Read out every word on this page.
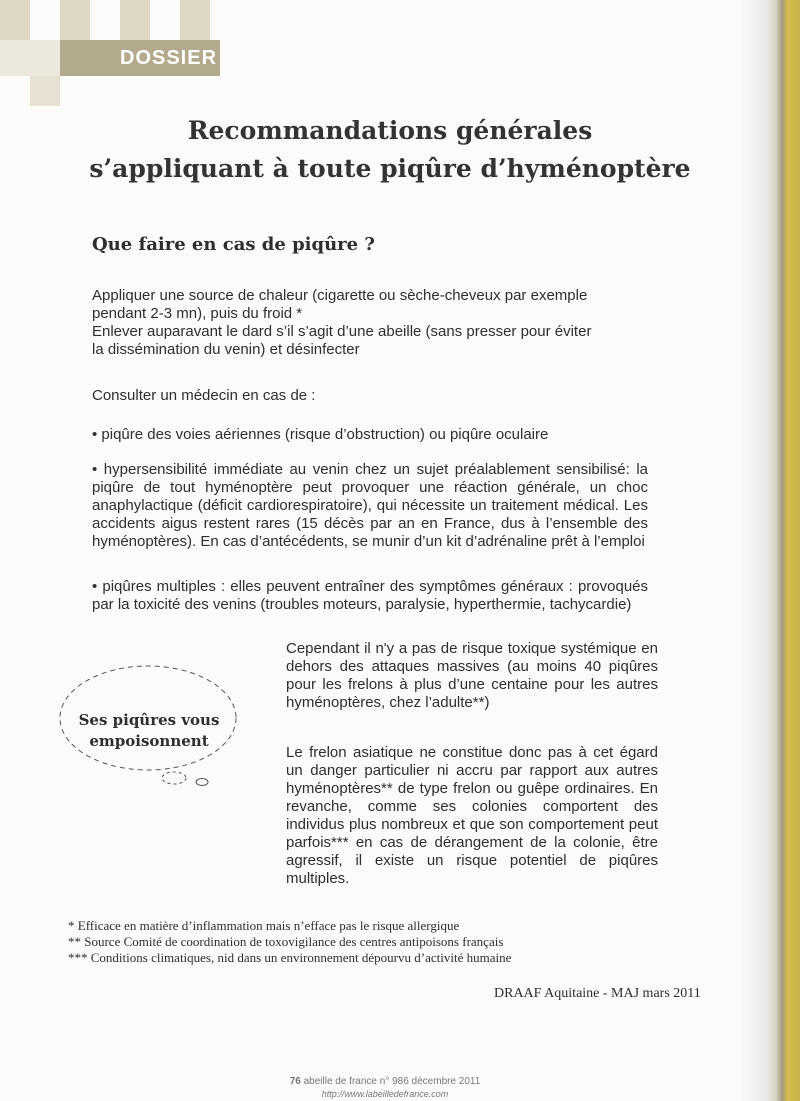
DOSSIER
Recommandations générales
s’appliquant à toute piqûre d’hyménoptère
Que faire en cas de piqûre ?
Appliquer une source de chaleur (cigarette ou sèche-cheveux par exemple
pendant 2-3 mn), puis du froid *
Enlever auparavant le dard s’il s’agit d’une abeille (sans presser pour éviter
la dissémination du venin) et désinfecter
Consulter un médecin en cas de :
• piqûre des voies aériennes (risque d’obstruction) ou piqûre oculaire
• hypersensibilité immédiate au venin chez un sujet préalablement sensibilisé: la piqûre de tout hyménoptère peut provoquer une réaction générale, un choc anaphylactique (déficit cardiorespiratoire), qui nécessite un traitement médical. Les accidents aigus restent rares (15 décès par an en France, dus à l’ensemble des hyménoptères). En cas d’antécédents, se munir d’un kit d’adrénaline prêt à l’emploi
• piqûres multiples : elles peuvent entraîner des symptômes généraux : provoqués par la toxicité des venins (troubles moteurs, paralysie, hyperthermie, tachycardie)
Ses piqûres vous
empoisonnent
Cependant il n'y a pas de risque toxique systémique en dehors des attaques massives (au moins 40 piqûres pour les frelons à plus d’une centaine pour les autres hyménoptères, chez l’adulte**)
Le frelon asiatique ne constitue donc pas à cet égard un danger particulier ni accru par rapport aux autres hyménoptères** de type frelon ou guêpe ordinaires. En revanche, comme ses colonies comportent des individus plus nombreux et que son comportement peut parfois*** en cas de dérangement de la colonie, être agressif, il existe un risque potentiel de piqûres multiples.
* Efficace en matière d’inflammation mais n’efface pas le risque allergique
** Source Comité de coordination de toxovigilance des centres antipoisons français
*** Conditions climatiques, nid dans un environnement dépourvu d’activité humaine
DRAAF Aquitaine - MAJ mars 2011
76 abeille de france n° 986 décembre 2011
http://www.labeilledefrance.com
